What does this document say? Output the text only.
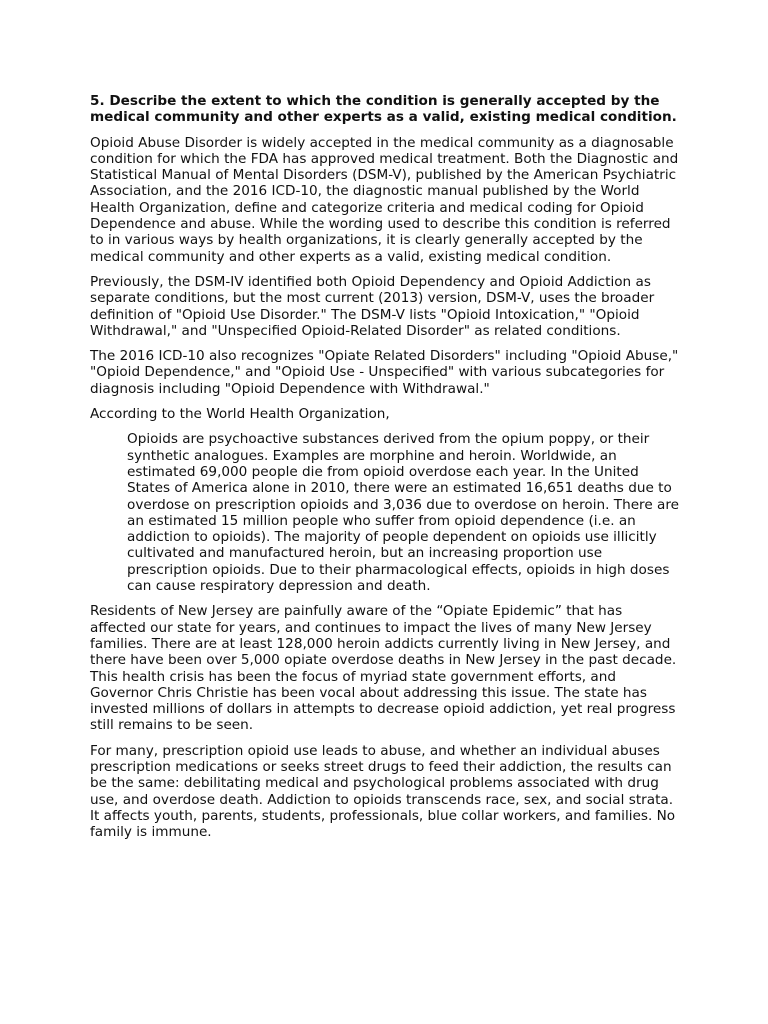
5. Describe the extent to which the condition is generally accepted by the medical community and other experts as a valid, existing medical condition.

Opioid Abuse Disorder is widely accepted in the medical community as a diagnosable condition for which the FDA has approved medical treatment. Both the Diagnostic and Statistical Manual of Mental Disorders (DSM-V), published by the American Psychiatric Association, and the 2016 ICD-10, the diagnostic manual published by the World Health Organization, define and categorize criteria and medical coding for Opioid Dependence and abuse. While the wording used to describe this condition is referred to in various ways by health organizations, it is clearly generally accepted by the medical community and other experts as a valid, existing medical condition.

Previously, the DSM-IV identified both Opioid Dependency and Opioid Addiction as separate conditions, but the most current (2013) version, DSM-V, uses the broader definition of "Opioid Use Disorder." The DSM-V lists "Opioid Intoxication," "Opioid Withdrawal," and "Unspecified Opioid-Related Disorder" as related conditions.

The 2016 ICD-10 also recognizes "Opiate Related Disorders" including "Opioid Abuse," "Opioid Dependence," and "Opioid Use - Unspecified" with various subcategories for diagnosis including "Opioid Dependence with Withdrawal."

According to the World Health Organization,

Opioids are psychoactive substances derived from the opium poppy, or their synthetic analogues. Examples are morphine and heroin. Worldwide, an estimated 69,000 people die from opioid overdose each year. In the United States of America alone in 2010, there were an estimated 16,651 deaths due to overdose on prescription opioids and 3,036 due to overdose on heroin. There are an estimated 15 million people who suffer from opioid dependence (i.e. an addiction to opioids). The majority of people dependent on opioids use illicitly cultivated and manufactured heroin, but an increasing proportion use prescription opioids. Due to their pharmacological effects, opioids in high doses can cause respiratory depression and death.

Residents of New Jersey are painfully aware of the “Opiate Epidemic” that has affected our state for years, and continues to impact the lives of many New Jersey families. There are at least 128,000 heroin addicts currently living in New Jersey, and there have been over 5,000 opiate overdose deaths in New Jersey in the past decade. This health crisis has been the focus of myriad state government efforts, and Governor Chris Christie has been vocal about addressing this issue. The state has invested millions of dollars in attempts to decrease opioid addiction, yet real progress still remains to be seen.

For many, prescription opioid use leads to abuse, and whether an individual abuses prescription medications or seeks street drugs to feed their addiction, the results can be the same: debilitating medical and psychological problems associated with drug use, and overdose death. Addiction to opioids transcends race, sex, and social strata. It affects youth, parents, students, professionals, blue collar workers, and families. No family is immune.
